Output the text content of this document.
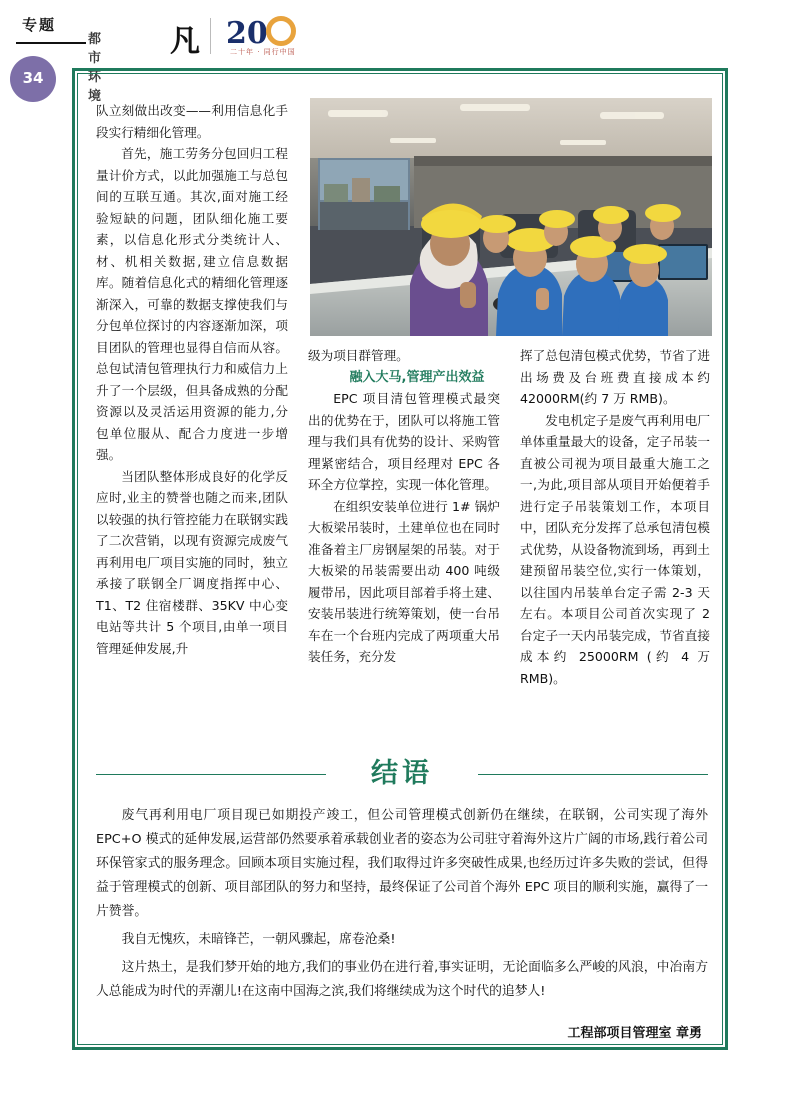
专题
34
都市环境
凡 20
二十年 · 同行中国

队立刻做出改变——利用信息化手段实行精细化管理。

首先，施工劳务分包回归工程量计价方式，以此加强施工与总包间的互联互通。其次,面对施工经验短缺的问题，团队细化施工要素，以信息化形式分类统计人、材、机相关数据,建立信息数据库。随着信息化式的精细化管理逐渐深入，可靠的数据支撑使我们与分包单位探讨的内容逐渐加深，项目团队的管理也显得自信而从容。总包试清包管理执行力和威信力上升了一个层级，但具备成熟的分配资源以及灵活运用资源的能力,分包单位服从、配合力度进一步增强。

当团队整体形成良好的化学反应时,业主的赞誉也随之而来,团队以较强的执行管控能力在联钢实践了二次营销，以现有资源完成废气再利用电厂项目实施的同时，独立承接了联钢全厂调度指挥中心、T1、T2 住宿楼群、35KV 中心变电站等共计 5 个项目,由单一项目管理延伸发展,升

级为项目群管理。

融入大马,管理产出效益

EPC 项目清包管理模式最突出的优势在于，团队可以将施工管理与我们具有优势的设计、采购管理紧密结合，项目经理对 EPC 各环全方位掌控，实现一体化管理。

在组织安装单位进行 1# 锅炉大板梁吊装时，土建单位也在同时准备着主厂房钢屋架的吊装。对于大板梁的吊装需要出动 400 吨级履带吊，因此项目部着手将土建、安装吊装进行统筹策划，使一台吊车在一个台班内完成了两项重大吊装任务，充分发

挥了总包清包模式优势，节省了进出场费及台班费直接成本约 42000RM(约 7 万 RMB)。

发电机定子是废气再利用电厂单体重量最大的设备，定子吊装一直被公司视为项目最重大施工之一,为此,项目部从项目开始便着手进行定子吊装策划工作，本项目中，团队充分发挥了总承包清包模式优势，从设备物流到场，再到土建预留吊装空位,实行一体策划，以往国内吊装单台定子需 2-3 天左右。本项目公司首次实现了 2 台定子一天内吊装完成，节省直接成本约 25000RM (约 4 万 RMB)。

结语

废气再利用电厂项目现已如期投产竣工，但公司管理模式创新仍在继续，在联钢，公司实现了海外 EPC+O 模式的延伸发展,运营部仍然要承着承载创业者的姿态为公司驻守着海外这片广阔的市场,践行着公司环保管家式的服务理念。回顾本项目实施过程，我们取得过许多突破性成果,也经历过许多失败的尝试，但得益于管理模式的创新、项目部团队的努力和坚持，最终保证了公司首个海外 EPC 项目的顺利实施，赢得了一片赞誉。

我自无愧疚，未暗锋芒，一朝风骤起，席卷沧桑!

这片热土，是我们梦开始的地方,我们的事业仍在进行着,事实证明，无论面临多么严峻的风浪，中冶南方人总能成为时代的弄潮儿!在这南中国海之滨,我们将继续成为这个时代的追梦人!

工程部项目管理室 章勇
